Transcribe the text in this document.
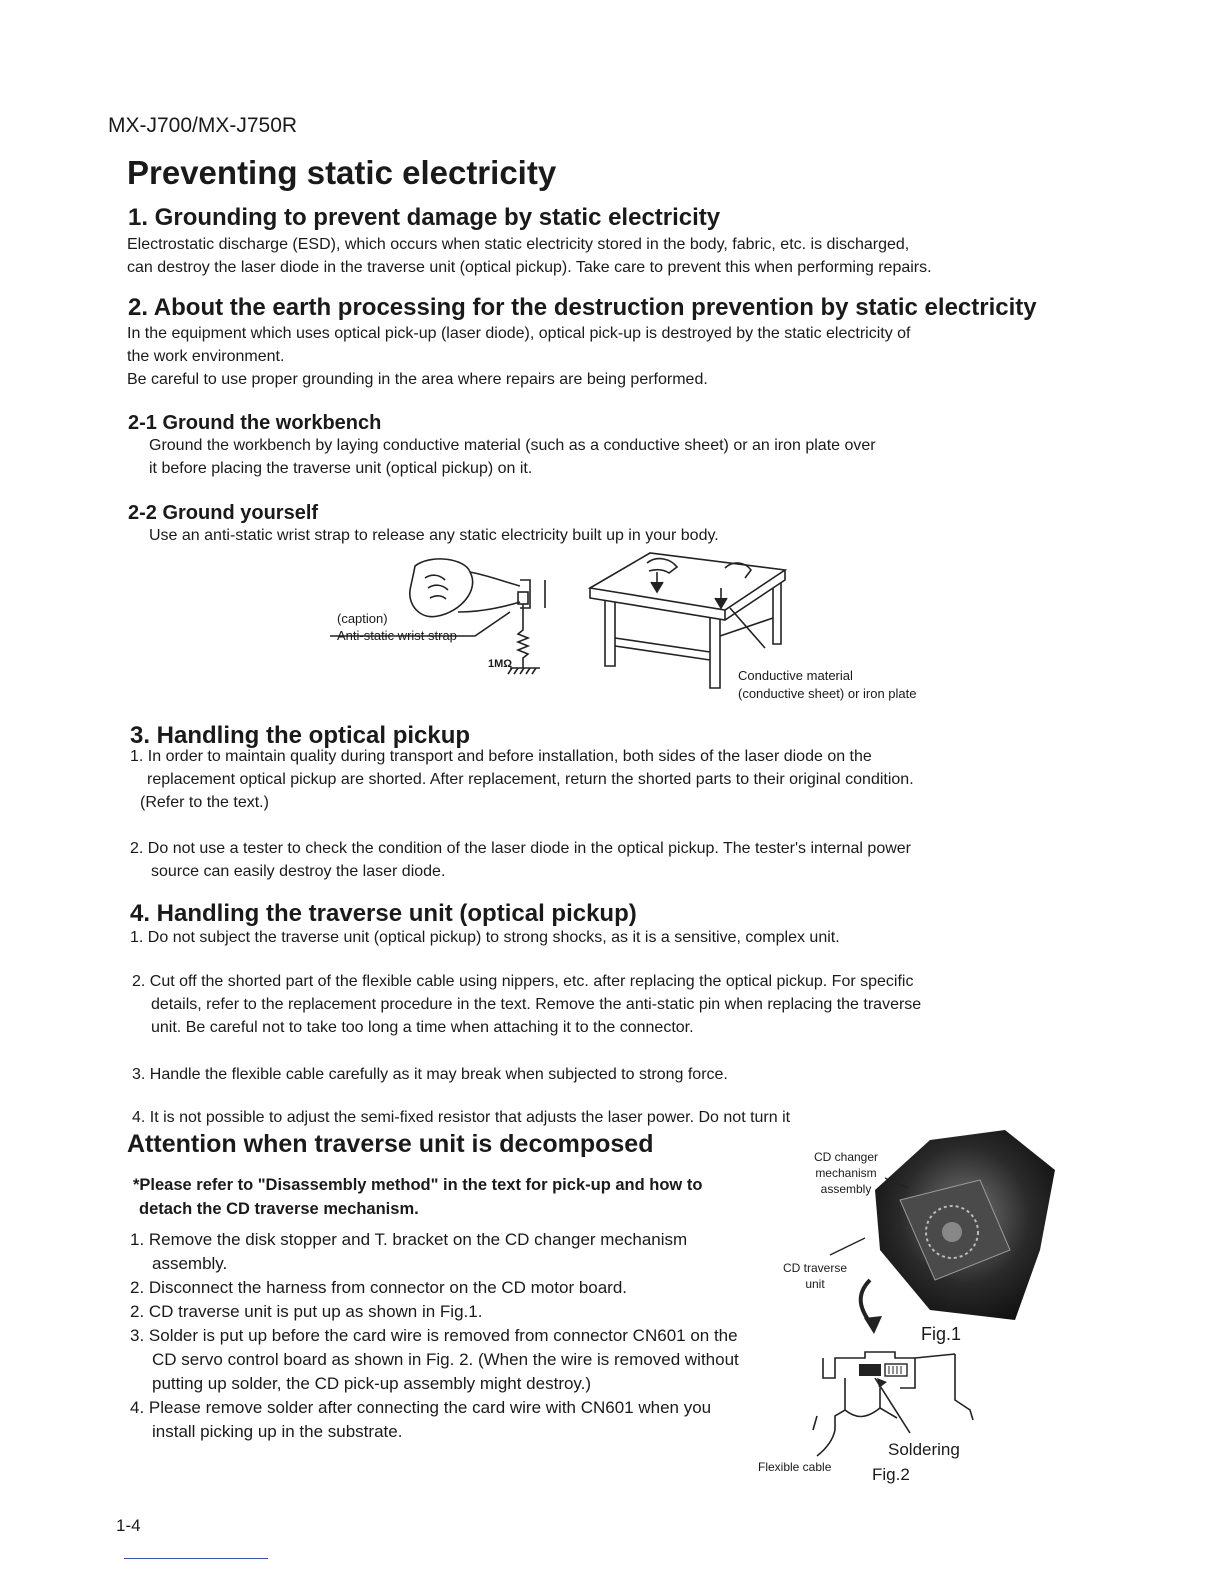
MX-J700/MX-J750R
Preventing static electricity
1. Grounding to prevent damage by static electricity

Electrostatic discharge (ESD), which occurs when static electricity stored in the body, fabric, etc. is discharged,

can destroy the laser diode in the traverse unit (optical pickup). Take care to prevent this when performing repairs.

2. About the earth processing for the destruction prevention by static electricity

In the equipment which uses optical pick-up (laser diode), optical pick-up is destroyed by the static electricity of

the work environment.

Be careful to use proper grounding in the area where repairs are being performed.

2-1 Ground the workbench

Ground the workbench by laying conductive material (such as a conductive sheet) or an iron plate over

it before placing the traverse unit (optical pickup) on it.

2-2 Ground yourself

Use an anti-static wrist strap to release any static electricity built up in your body.

(caption)
Anti-static wrist strap
1MΩ
Conductive material
(conductive sheet) or iron plate
3. Handling the optical pickup

1. In order to maintain quality during transport and before installation, both sides of the laser diode on the

replacement optical pickup are shorted. After replacement, return the shorted parts to their original condition.

(Refer to the text.)

2. Do not use a tester to check the condition of the laser diode in the optical pickup. The tester's internal power

source can easily destroy the laser diode.

4. Handling the traverse unit (optical pickup)

1. Do not subject the traverse unit (optical pickup) to strong shocks, as it is a sensitive, complex unit.

2. Cut off the shorted part of the flexible cable using nippers, etc. after replacing the optical pickup. For specific

details, refer to the replacement procedure in the text. Remove the anti-static pin when replacing the traverse

unit. Be careful not to take too long a time when attaching it to the connector.

3. Handle the flexible cable carefully as it may break when subjected to strong force.

4. It is not possible to adjust the semi-fixed resistor that adjusts the laser power. Do not turn it

Attention when traverse unit is decomposed

*Please refer to "Disassembly method" in the text for pick-up and how to

detach the CD traverse mechanism.

1. Remove the disk stopper and T. bracket on the CD changer mechanism assembly.

2. Disconnect the harness from connector on the CD motor board.

2. CD traverse unit is put up as shown in Fig.1.

3. Solder is put up before the card wire is removed from connector CN601 on the CD servo control board as shown in Fig. 2. (When the wire is removed without putting up solder, the CD pick-up assembly might destroy.)

4. Please remove solder after connecting the card wire with CN601 when you install picking up in the substrate.

CD changer
mechanism
assembly
CD traverse
unit
Fig.1
Soldering
Flexible cable Fig.2
1-4
